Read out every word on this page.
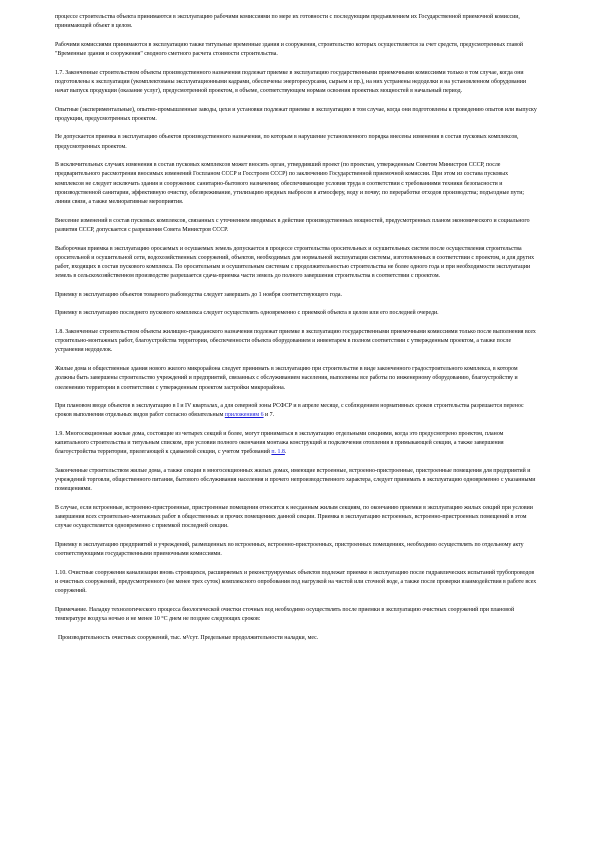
процессе строительства объекта принимаются в эксплуатацию рабочими комиссиями по мере их готовности с последующим предъявлением их Государственной приемочной комиссии, принимающей объект в целом.

Рабочими комиссиями принимаются в эксплуатацию также титульные временные здания и сооружения, строительство которых осуществляется за счет средств, предусмотренных главой "Временные здания и сооружения" сводного сметного расчета стоимости строительства.

1.7. Законченные строительством объекты производственного назначения подлежат приемке в эксплуатацию государственными приемочными комиссиями только в том случае, когда они подготовлены к эксплуатации (укомплектованы эксплуатационными кадрами, обеспечены энергоресурсами, сырьем и пр.), на них устранены недоделки и на установленном оборудовании начат выпуск продукции (оказание услуг), предусмотренной проектом, в объеме, соответствующем нормам освоения проектных мощностей в начальный период.

Опытные (экспериментальные), опытно-промышленные заводы, цехи и установки подлежат приемке в эксплуатацию в том случае, когда они подготовлены к проведению опытов или выпуску продукции, предусмотренных проектом.

Не допускается приемка в эксплуатацию объектов производственного назначения, по которым в нарушение установленного порядка внесены изменения в состав пусковых комплексов, предусмотренных проектом.

В исключительных случаях изменения в состав пусковых комплексов может вносить орган, утвердивший проект (по проектам, утвержденным Советом Министров СССР, после предварительного рассмотрения вносимых изменений Госпланом СССР и Госстроем СССР) по заключению Государственной приемочной комиссии. При этом из состава пусковых комплексов не следует исключать здания и сооружения: санитарно-бытового назначения; обеспечивающие условия труда в соответствии с требованиями техники безопасности и производственной санитарии, эффективную очистку, обезвреживание, утилизацию вредных выбросов в атмосферу, воду и почву; по переработке отходов производства; подъездные пути; линии связи, а также мелиоративные мероприятия.

Внесение изменений в состав пусковых комплексов, связанных с уточнением вводимых в действие производственных мощностей, предусмотренных планом экономического и социального развития СССР, допускается с разрешения Совета Министров СССР.

Выборочная приемка в эксплуатацию оросаемых и осушаемых земель допускается в процессе строительства оросительных и осушительных систем после осуществления строительства оросительной и осушительной сети, водохозяйственных сооружений, объектов, необходимых для нормальной эксплуатации системы, изготовленных в соответствии с проектом, и для других работ, входящих в состав пускового комплекса. По оросительным и осушительным системам с продолжительностью строительства не более одного года и при необходимости эксплуатации земель в сельскохозяйственном производстве разрешается сдача-приемка части земель до полного завершения строительства в соответствии с проектом.

Приемку в эксплуатацию объектов товарного рыбоводства следует завершать до 1 ноября соответствующего года.

Приемку в эксплуатацию последнего пускового комплекса следует осуществлять одновременно с приемкой объекта в целом или его последней очереди.

1.8. Законченные строительством объекты жилищно-гражданского назначения подлежат приемке в эксплуатацию государственными приемочными комиссиями только после выполнения всех строительно-монтажных работ, благоустройства территории, обеспеченности объекта оборудованием и инвентарем в полном соответствии с утвержденным проектом, а также после устранения недоделок.

Жилые дома и общественные здания нового жилого микрорайона следует принимать в эксплуатацию при строительстве в виде законченного градостроительного комплекса, в котором должны быть завершены строительство учреждений и предприятий, связанных с обслуживанием населения, выполнены все работы по инженерному оборудованию, благоустройству и озеленению территории в соответствии с утвержденным проектом застройки микрорайона.

При плановом вводе объектов в эксплуатацию в I и IV кварталах, а для северной зоны РСФСР и в апреле месяце, с соблюдением нормативных сроков строительства разрешается перенос сроков выполнения отдельных видов работ согласно обязательным приложениям 6 и 7.

1.9. Многосекционные жилые дома, состоящие из четырех секций и более, могут приниматься в эксплуатацию отдельными секциями, когда это предусмотрено проектом, планом капитального строительства и титульным списком, при условии полного окончания монтажа конструкций и подключения отопления в примыкающей секции, а также завершения благоустройства территории, прилегающей к сдаваемой секции, с учетом требований п. 1.8.

Законченные строительством жилые дома, а также секции в многосекционных жилых домах, имеющие встроенные, встроенно-пристроенные, пристроенные помещения для предприятий и учреждений торговли, общественного питания, бытового обслуживания населения и прочего непроизводственного характера, следует принимать в эксплуатацию одновременно с указанными помещениями.

В случае, если встроенные, встроенно-пристроенные, пристроенные помещения относятся к несданным жилым секциям, по окончанию приемки в эксплуатацию жилых секций при условии завершения всех строительно-монтажных работ в общественных и прочих помещениях данной секции. Приемка в эксплуатацию встроенных, встроенно-пристроенных помещений в этом случае осуществляется одновременно с приемкой последней секции.

Приемку в эксплуатацию предприятий и учреждений, размещенных во встроенных, встроенно-пристроенных, пристроенных помещениях, необходимо осуществлять по отдельному акту соответствующими государственными приемочными комиссиями.

1.10. Очистные сооружения канализации вновь строящихся, расширяемых и реконструируемых объектов подлежат приемке в эксплуатацию после гидравлических испытаний трубопроводов и очистных сооружений, предусмотренного (не менее трех суток) комплексного опробования под нагрузкой на чистой или сточной воде, а также после проверки взаимодействия в работе всех сооружений.

Примечание. Наладку технологического процесса биологической очистки сточных вод необходимо осуществлять после приемки в эксплуатацию очистных сооружений при плановой температуре воздуха ночью и не менее 10 °С днем не позднее следующих сроков:

Производительность очистных сооружений, тыс. м³/сут. Предельные продолжительности наладки, мес.
